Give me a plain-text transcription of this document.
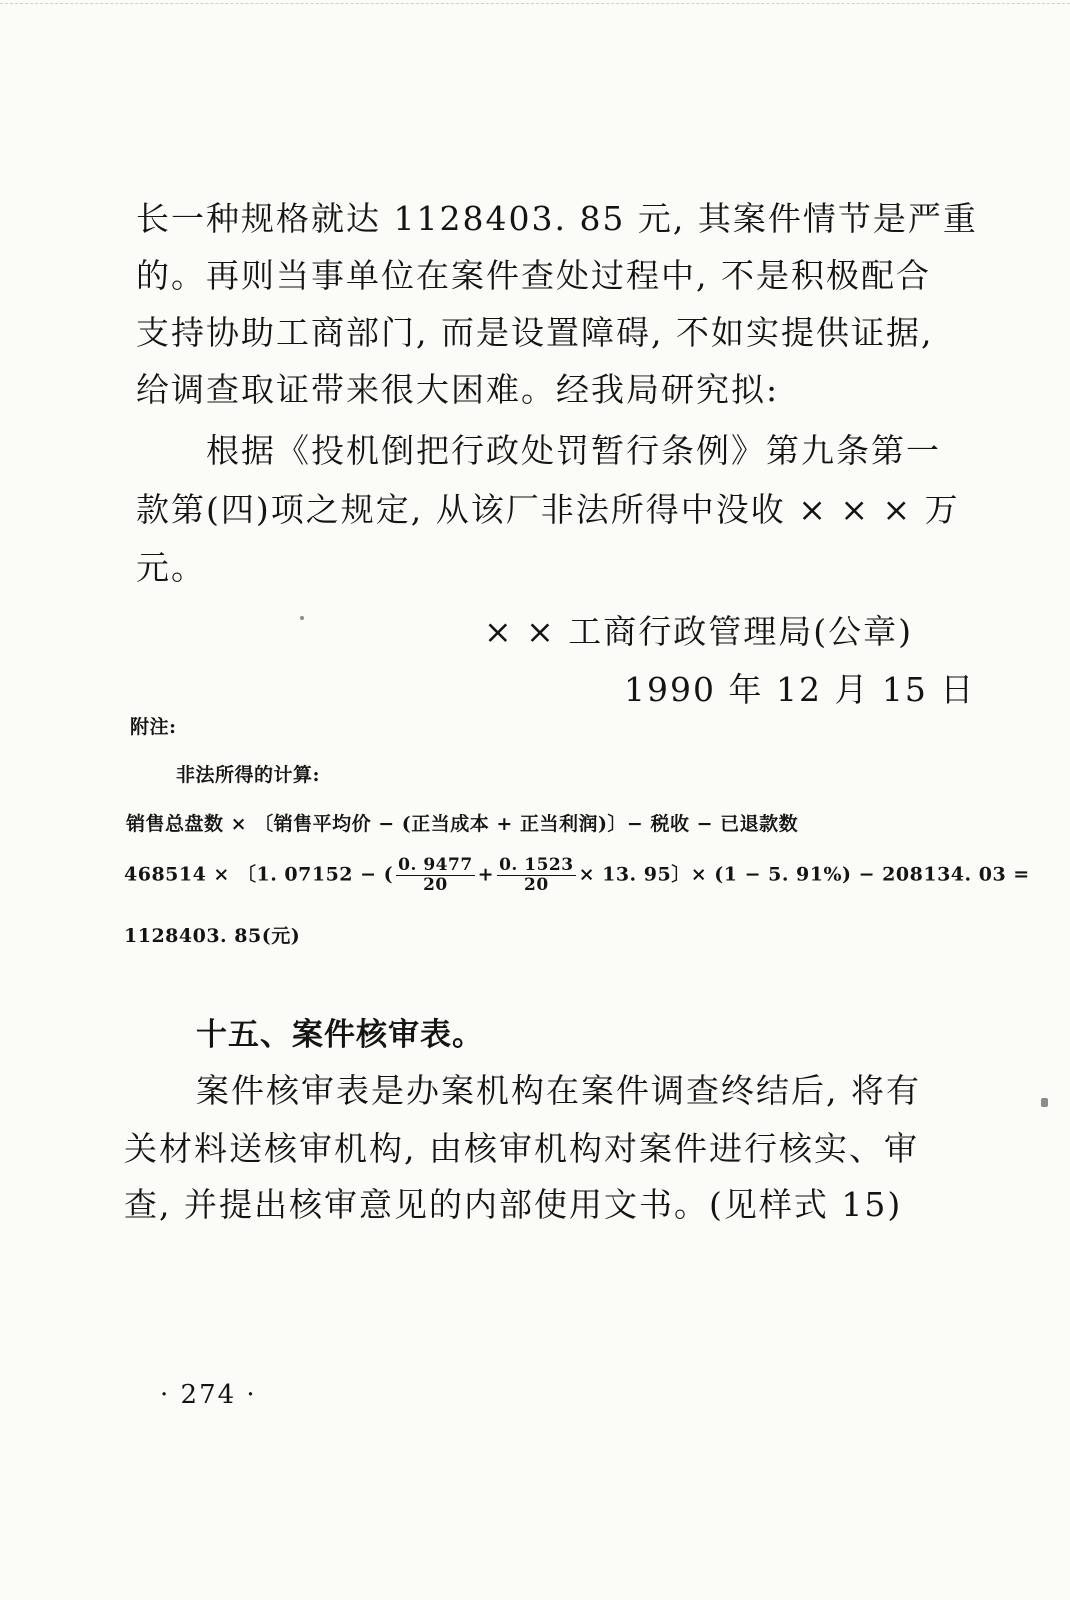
长一种规格就达 1128403. 85 元, 其案件情节是严重
的。再则当事单位在案件查处过程中, 不是积极配合
支持协助工商部门, 而是设置障碍, 不如实提供证据,
给调查取证带来很大困难。经我局研究拟:
根据《投机倒把行政处罚暂行条例》第九条第一
款第(四)项之规定, 从该厂非法所得中没收 × × × 万
元。
× × 工商行政管理局(公章)
1990 年 12 月 15 日
附注:
非法所得的计算:
销售总盘数 × 〔销售平均价 − (正当成本 + 正当利润)〕− 税收 − 已退款数
468514 × 〔1. 07152 − ( $\frac{0. 9477}{20} + \frac{0. 1523}{20} \times 13$. 95〕× (1 − 5. 91%) − 208134. 03 =
1128403. 85(元)
十五、案件核审表。
案件核审表是办案机构在案件调查终结后, 将有
关材料送核审机构, 由核审机构对案件进行核实、审
查, 并提出核审意见的内部使用文书。(见样式 15)
· 274 ·
